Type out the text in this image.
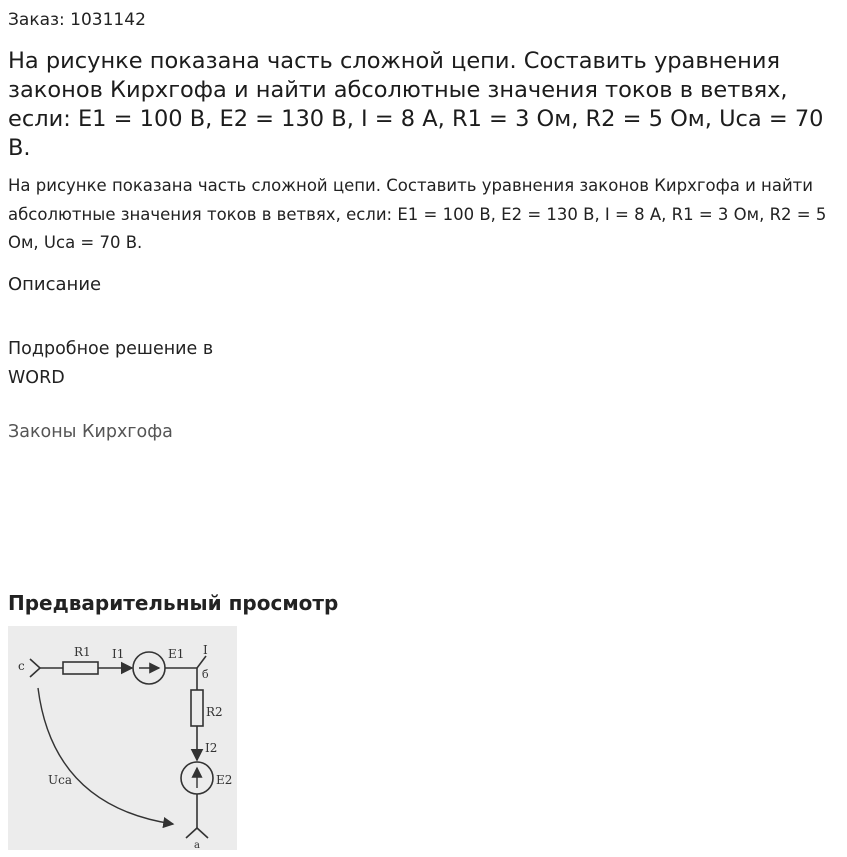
Заказ: 1031142
На рисунке показана часть сложной цепи. Составить уравнения законов Кирхгофа и найти абсолютные значения токов в ветвях, если: E1 = 100 В, E2 = 130 В, I = 8 А, R1 = 3 Ом, R2 = 5 Ом, Uca = 70 В.
На рисунке показана часть сложной цепи. Составить уравнения законов Кирхгофа и найти абсолютные значения токов в ветвях, если: E1 = 100 В, E2 = 130 В, I = 8 А, R1 = 3 Ом, R2 = 5 Ом, Uca = 70 В.
Описание
Подробное решение в WORD
Законы Кирхгофа
Предварительный просмотр
c
R1 I1	E1 I
б
R2
I2
E2
Uca
a
